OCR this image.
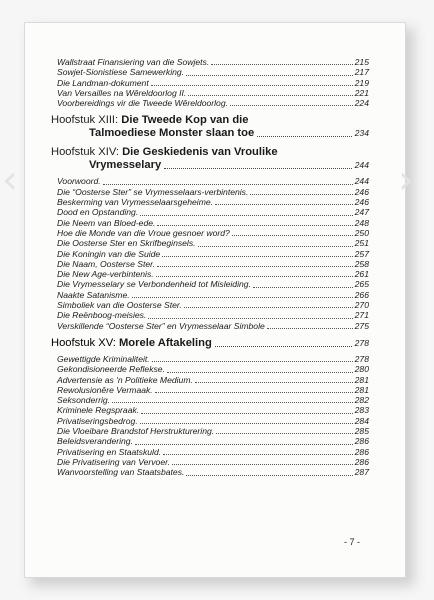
‹	›
Wallstraat Finansiering van die Sowjets.	215
Sowjet-Sionistiese Samewerking.	217
Die Landman-dokument	219
Van Versailles na Wêreldoorlog II.	221
Voorbereidings vir die Tweede Wêreldoorlog.	224
Hoofstuk XIII: Die Tweede Kop van die
Talmoediese Monster slaan toe	234
Hoofstuk XIV: Die Geskiedenis van Vroulike
Vrymesselary	244
Voorwoord.	244
Die “Oosterse Ster” se Vrymesselaars-verbintenis.	246
Beskerming van Vrymesselaarsgeheime.	246
Dood en Opstanding.	247
Die Neem van Bloed-ede.	248
Hoe die Monde van die Vroue gesnoer word?	250
Die Oosterse Ster en Skrifbeginsels.	251
Die Koningin van die Suide	257
Die Naam, Oosterse Ster.	258
Die New Age-verbintenis.	261
Die Vrymesselary se Verbondenheid tot Misleiding.	265
Naakte Satanisme.	266
Simboliek van die Oosterse Ster.	270
Die Reënboog-meisies.	271
Verskillende “Oosterse Ster” en Vrymesselaar Simbole	275
Hoofstuk XV:
Morele Aftakeling	278
Gewettigde Kriminaliteit.	278
Gekondisioneerde Reflekse.	280
Advertensie as 'n Politieke Medium.	281
Rewolusionêre Vermaak.	281
Seksonderrig.	282
Kriminele Regspraak.	283
Privatiseringsbedrog.	284
Die Vloeibare Brandstof Herstrukturering.	285
Beleidsverandering.	286
Privatisering en Staatskuld.	286
Die Privatisering van Vervoer.	286
Wanvoorstelling van Staatsbates.	287
- 7 -
